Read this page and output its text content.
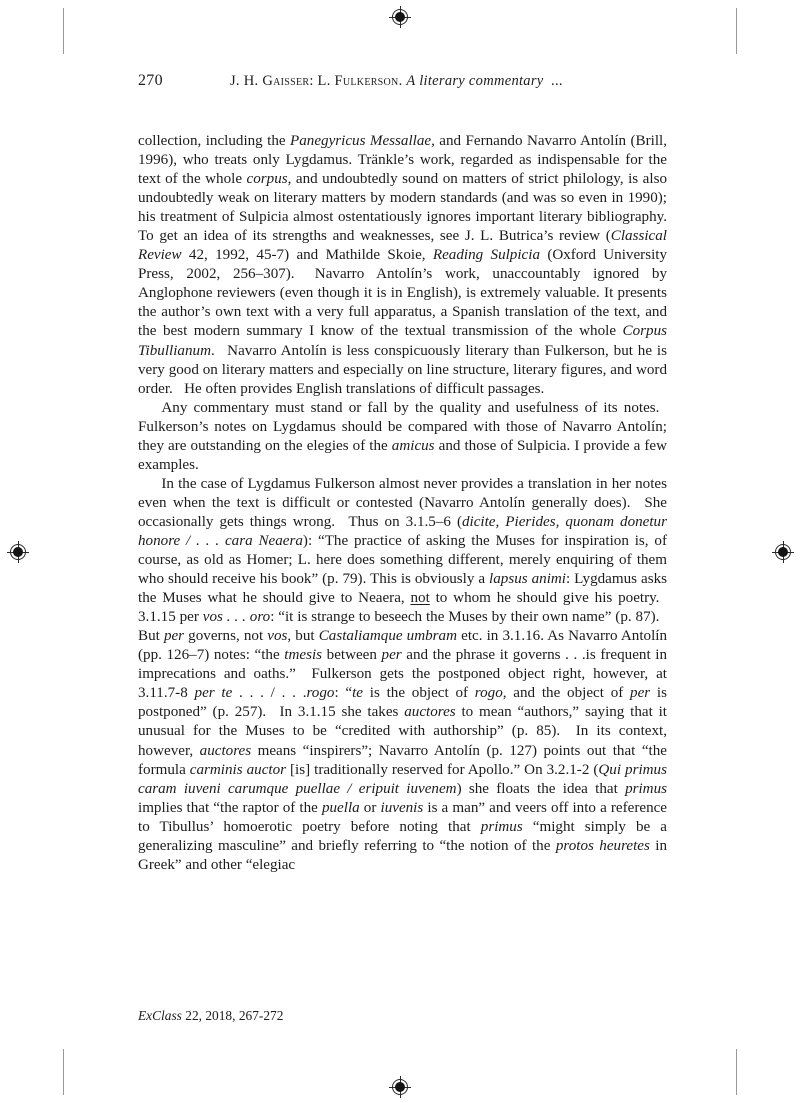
270	J. H. Gaisser: L. Fulkerson. A literary commentary ...

collection, including the Panegyricus Messallae, and Fernando Navarro Antolín (Brill, 1996), who treats only Lygdamus. Tränkle’s work, regarded as indispensable for the text of the whole corpus, and undoubtedly sound on matters of strict philology, is also undoubtedly weak on literary matters by modern standards (and was so even in 1990); his treatment of Sulpicia almost ostentatiously ignores important literary bibliography. To get an idea of its strengths and weaknesses, see J. L. Butrica’s review (Classical Review 42, 1992, 45-7) and Mathilde Skoie, Reading Sulpicia (Oxford University Press, 2002, 256–307).  Navarro Antolín’s work, unaccountably ignored by Anglophone reviewers (even though it is in English), is extremely valuable. It presents the author’s own text with a very full apparatus, a Spanish translation of the text, and the best modern summary I know of the textual transmission of the whole Corpus Tibullianum.  Navarro Antolín is less conspicuously literary than Fulkerson, but he is very good on literary matters and especially on line structure, literary figures, and word order.  He often provides English translations of difficult passages.

Any commentary must stand or fall by the quality and usefulness of its notes.  Fulkerson’s notes on Lygdamus should be compared with those of Navarro Antolín; they are outstanding on the elegies of the amicus and those of Sulpicia. I provide a few examples.

In the case of Lygdamus Fulkerson almost never provides a translation in her notes even when the text is difficult or contested (Navarro Antolín generally does).  She occasionally gets things wrong.  Thus on 3.1.5–6 (dicite, Pierides, quonam donetur honore / . . . cara Neaera): “The practice of asking the Muses for inspiration is, of course, as old as Homer; L. here does something different, merely enquiring of them who should receive his book” (p. 79). This is obviously a lapsus animi: Lygdamus asks the Muses what he should give to Neaera, not to whom he should give his poetry.  3.1.15 per vos . . . oro: “it is strange to beseech the Muses by their own name” (p. 87).  But per governs, not vos, but Castaliamque umbram etc. in 3.1.16. As Navarro Antolín (pp. 126–7) notes: “the tmesis between per and the phrase it governs . . .is frequent in imprecations and oaths.”  Fulkerson gets the postponed object right, however, at 3.11.7-8 per te . . . / . . .rogo: “te is the object of rogo, and the object of per is postponed” (p. 257).  In 3.1.15 she takes auctores to mean “authors,” saying that it unusual for the Muses to be “credited with authorship” (p. 85).  In its context, however, auctores means “inspirers”; Navarro Antolín (p. 127) points out that “the formula carminis auctor [is] traditionally reserved for Apollo.” On 3.2.1-2 (Qui primus caram iuveni carumque puellae / eripuit iuvenem) she floats the idea that primus implies that “the raptor of the puella or iuvenis is a man” and veers off into a reference to Tibullus’ homoerotic poetry before noting that primus “might simply be a generalizing masculine” and briefly referring to “the notion of the protos heuretes in Greek” and other “elegiac

ExClass 22, 2018, 267-272
